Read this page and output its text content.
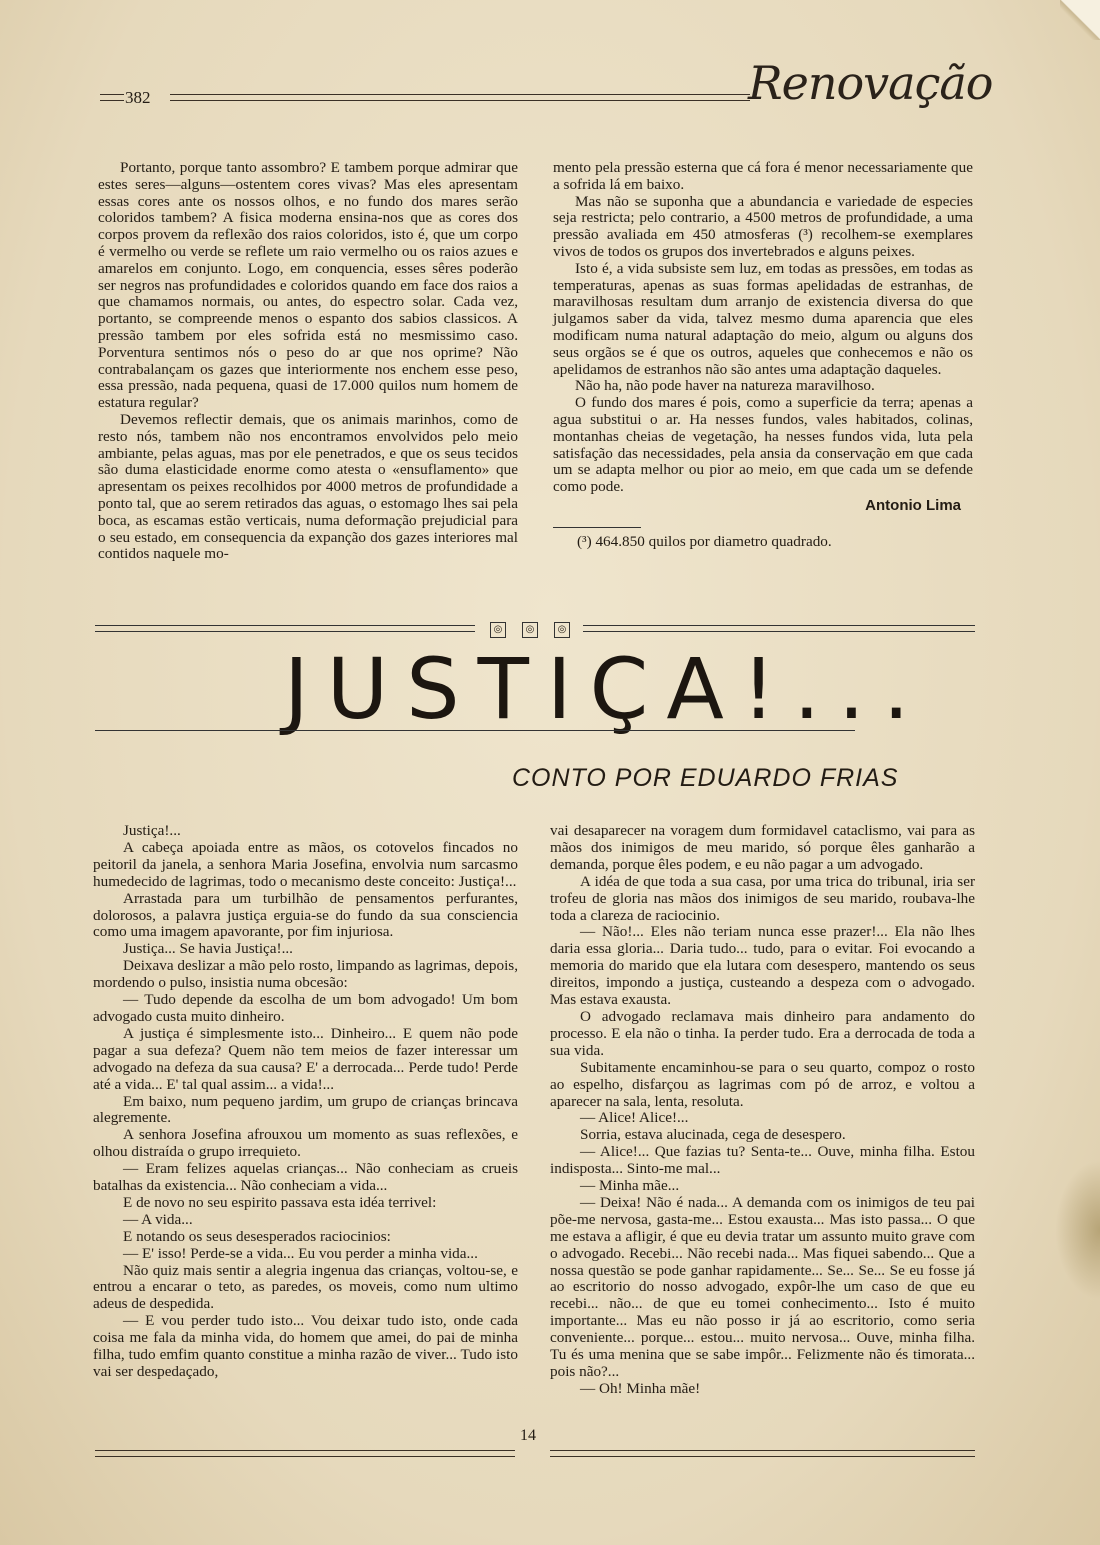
382	Renovação

Portanto, porque tanto assombro? E tambem porque admirar que estes seres—alguns—ostentem cores vivas? Mas eles apresentam essas cores ante os nossos olhos, e no fundo dos mares serão coloridos tambem? A fisica moderna ensina-nos que as cores dos corpos provem da reflexão dos raios coloridos, isto é, que um corpo é vermelho ou verde se reflete um raio vermelho ou os raios azues e amarelos em conjunto. Logo, em conquencia, esses sêres poderão ser negros nas profundidades e coloridos quando em face dos raios a que chamamos normais, ou antes, do espectro solar. Cada vez, portanto, se compreende menos o espanto dos sabios classicos. A pressão tambem por eles sofrida está no mesmissimo caso. Porventura sentimos nós o peso do ar que nos oprime? Não contrabalançam os gazes que interiormente nos enchem esse peso, essa pressão, nada pequena, quasi de 17.000 quilos num homem de estatura regular?

Devemos reflectir demais, que os animais marinhos, como de resto nós, tambem não nos encontramos envolvidos pelo meio ambiante, pelas aguas, mas por ele penetrados, e que os seus tecidos são duma elasticidade enorme como atesta o «ensuflamento» que apresentam os peixes recolhidos por 4000 metros de profundidade a ponto tal, que ao serem retirados das aguas, o estomago lhes sai pela boca, as escamas estão verticais, numa deformação prejudicial para o seu estado, em consequencia da expanção dos gazes interiores mal contidos naquele mo-

mento pela pressão esterna que cá fora é menor necessariamente que a sofrida lá em baixo.

Mas não se suponha que a abundancia e variedade de especies seja restricta; pelo contrario, a 4500 metros de profundidade, a uma pressão avaliada em 450 atmosferas (³) recolhem-se exemplares vivos de todos os grupos dos invertebrados e alguns peixes.

Isto é, a vida subsiste sem luz, em todas as pressões, em todas as temperaturas, apenas as suas formas apelidadas de estranhas, de maravilhosas resultam dum arranjo de existencia diversa do que julgamos saber da vida, talvez mesmo duma aparencia que eles modificam numa natural adaptação do meio, algum ou alguns dos seus orgãos se é que os outros, aqueles que conhecemos e não os apelidamos de estranhos não são antes uma adaptação daqueles.

Não ha, não pode haver na natureza maravilhoso.

O fundo dos mares é pois, como a superficie da terra; apenas a agua substitui o ar. Ha nesses fundos, vales habitados, colinas, montanhas cheias de vegetação, ha nesses fundos vida, luta pela satisfação das necessidades, pela ansia da conservação em que cada um se adapta melhor ou pior ao meio, em que cada um se defende como pode.

Antonio Lima

(³) 464.850 quilos por diametro quadrado.

◎	◎	◎
JUSTIÇA!...
CONTO POR EDUARDO FRIAS

Justiça!...

A cabeça apoiada entre as mãos, os cotovelos fincados no peitoril da janela, a senhora Maria Josefina, envolvia num sarcasmo humedecido de lagrimas, todo o mecanismo deste conceito: Justiça!...

Arrastada para um turbilhão de pensamentos perfurantes, dolorosos, a palavra justiça erguia-se do fundo da sua consciencia como uma imagem apavorante, por fim injuriosa.

Justiça... Se havia Justiça!...

Deixava deslizar a mão pelo rosto, limpando as lagrimas, depois, mordendo o pulso, insistia numa obcesão:

— Tudo depende da escolha de um bom advogado! Um bom advogado custa muito dinheiro.

A justiça é simplesmente isto... Dinheiro... E quem não pode pagar a sua defeza? Quem não tem meios de fazer interessar um advogado na defeza da sua causa? E' a derrocada... Perde tudo! Perde até a vida... E' tal qual assim... a vida!...

Em baixo, num pequeno jardim, um grupo de crianças brincava alegremente.

A senhora Josefina afrouxou um momento as suas reflexões, e olhou distraída o grupo irrequieto.

— Eram felizes aquelas crianças... Não conheciam as crueis batalhas da existencia... Não conheciam a vida...

E de novo no seu espirito passava esta idéa terrivel:

— A vida...

E notando os seus desesperados raciocinios:

— E' isso! Perde-se a vida... Eu vou perder a minha vida...

Não quiz mais sentir a alegria ingenua das crianças, voltou-se, e entrou a encarar o teto, as paredes, os moveis, como num ultimo adeus de despedida.

— E vou perder tudo isto... Vou deixar tudo isto, onde cada coisa me fala da minha vida, do homem que amei, do pai de minha filha, tudo emfim quanto constitue a minha razão de viver... Tudo isto vai ser despedaçado,

vai desaparecer na voragem dum formidavel cataclismo, vai para as mãos dos inimigos de meu marido, só porque êles ganharão a demanda, porque êles podem, e eu não pagar a um advogado.

A idéa de que toda a sua casa, por uma trica do tribunal, iria ser trofeu de gloria nas mãos dos inimigos de seu marido, roubava-lhe toda a clareza de raciocinio.

— Não!... Eles não teriam nunca esse prazer!... Ela não lhes daria essa gloria... Daria tudo... tudo, para o evitar. Foi evocando a memoria do marido que ela lutara com desespero, mantendo os seus direitos, impondo a justiça, custeando a despeza com o advogado. Mas estava exausta.

O advogado reclamava mais dinheiro para andamento do processo. E ela não o tinha. Ia perder tudo. Era a derrocada de toda a sua vida.

Subitamente encaminhou-se para o seu quarto, compoz o rosto ao espelho, disfarçou as lagrimas com pó de arroz, e voltou a aparecer na sala, lenta, resoluta.

— Alice! Alice!...

Sorria, estava alucinada, cega de desespero.

— Alice!... Que fazias tu? Senta-te... Ouve, minha filha. Estou indisposta... Sinto-me mal...

— Minha mãe...

— Deixa! Não é nada... A demanda com os inimigos de teu pai põe-me nervosa, gasta-me... Estou exausta... Mas isto passa... O que me estava a afligir, é que eu devia tratar um assunto muito grave com o advogado. Recebi... Não recebi nada... Mas fiquei sabendo... Que a nossa questão se pode ganhar rapidamente... Se... Se... Se eu fosse já ao escritorio do nosso advogado, expôr-lhe um caso de que eu recebi... não... de que eu tomei conhecimento... Isto é muito importante... Mas eu não posso ir já ao escritorio, como seria conveniente... porque... estou... muito nervosa... Ouve, minha filha. Tu és uma menina que se sabe impôr... Felizmente não és timorata... pois não?...

— Oh! Minha mãe!

14
